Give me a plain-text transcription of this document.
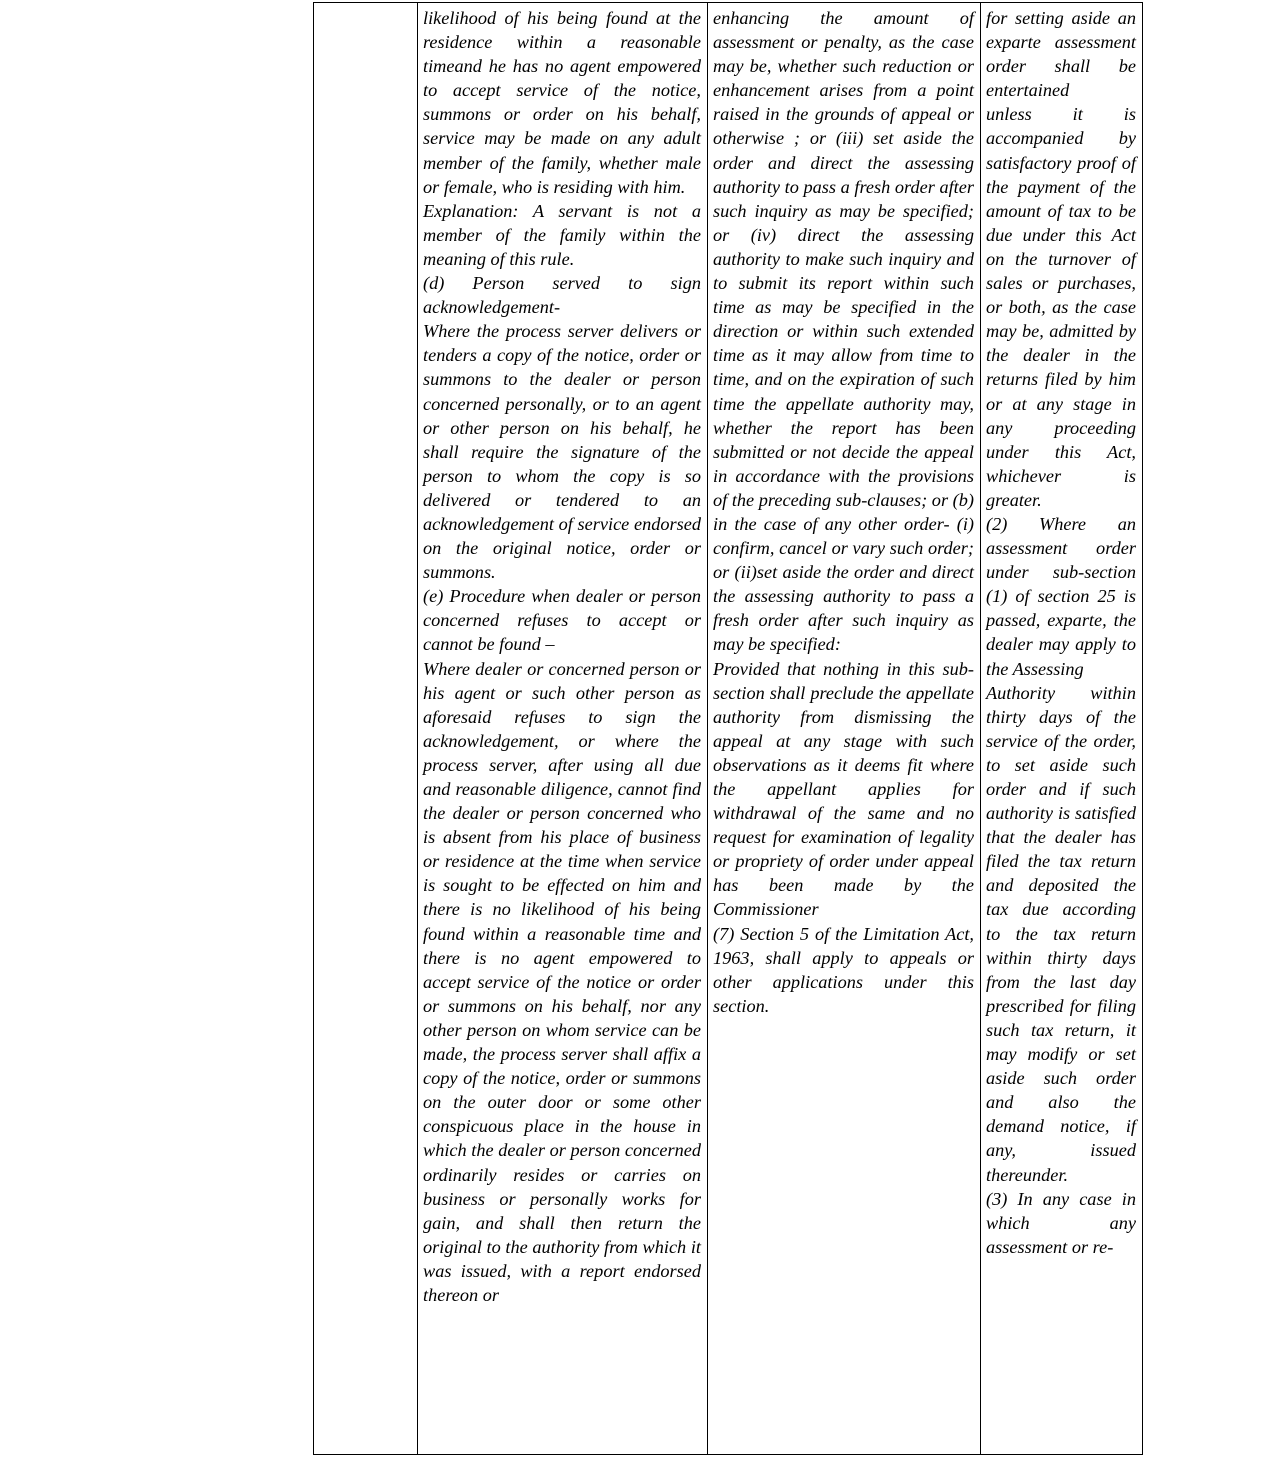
likelihood of his being found at the residence within a reasonable timeand he has no agent empowered to accept service of the notice, summons or order on his behalf, service may be made on any adult member of the family, whether male or female, who is residing with him.

Explanation: A servant is not a member of the family within the meaning of this rule.

(d) Person served to sign acknowledgement-

Where the process server delivers or tenders a copy of the notice, order or summons to the dealer or person concerned personally, or to an agent or other person on his behalf, he shall require the signature of the person to whom the copy is so delivered or tendered to an acknowledgement of service endorsed on the original notice, order or summons.

(e) Procedure when dealer or person concerned refuses to accept or cannot be found –

Where dealer or concerned person or his agent or such other person as aforesaid refuses to sign the acknowledgement, or where the process server, after using all due and reasonable diligence, cannot find the dealer or person concerned who is absent from his place of business or residence at the time when service is sought to be effected on him and there is no likelihood of his being found within a reasonable time and there is no agent empowered to accept service of the notice or order or summons on his behalf, nor any other person on whom service can be made, the process server shall affix a copy of the notice, order or summons on the outer door or some other conspicuous place in the house in which the dealer or person concerned ordinarily resides or carries on business or personally works for gain, and shall then return the original to the authority from which it was issued, with a report endorsed thereon or

enhancing the amount of assessment or penalty, as the case may be, whether such reduction or enhancement arises from a point raised in the grounds of appeal or otherwise ; or (iii) set aside the order and direct the assessing authority to pass a fresh order after such inquiry as may be specified; or (iv) direct the assessing authority to make such inquiry and to submit its report within such time as may be specified in the direction or within such extended time as it may allow from time to time, and on the expiration of such time the appellate authority may, whether the report has been submitted or not decide the appeal in accordance with the provisions of the preceding sub-clauses; or (b) in the case of any other order- (i) confirm, cancel or vary such order; or (ii)set aside the order and direct the assessing authority to pass a fresh order after such inquiry as may be specified:

Provided that nothing in this sub-section shall preclude the appellate authority from dismissing the appeal at any stage with such observations as it deems fit where the appellant applies for withdrawal of the same and no request for examination of legality or propriety of order under appeal has been made by the Commissioner

(7) Section 5 of the Limitation Act, 1963, shall apply to appeals or other applications under this section.

for setting aside an exparte assessment order shall be entertained

unless it is accompanied by satisfactory proof of the payment of the amount of tax to be due under this Act on the turnover of sales or purchases, or both, as the case may be, admitted by the dealer in the returns filed by him or at any stage in any proceeding under this Act, whichever is greater.

(2) Where an assessment order under sub-section (1) of section 25 is passed, exparte, the dealer may apply to the Assessing

Authority within thirty days of the service of the order, to set aside such order and if such authority is satisfied that the dealer has filed the tax return and deposited the tax due according to the tax return within thirty days from the last day prescribed for filing such tax return, it may modify or set aside such order and also the demand notice, if any, issued thereunder.

(3) In any case in which any assessment or re-
